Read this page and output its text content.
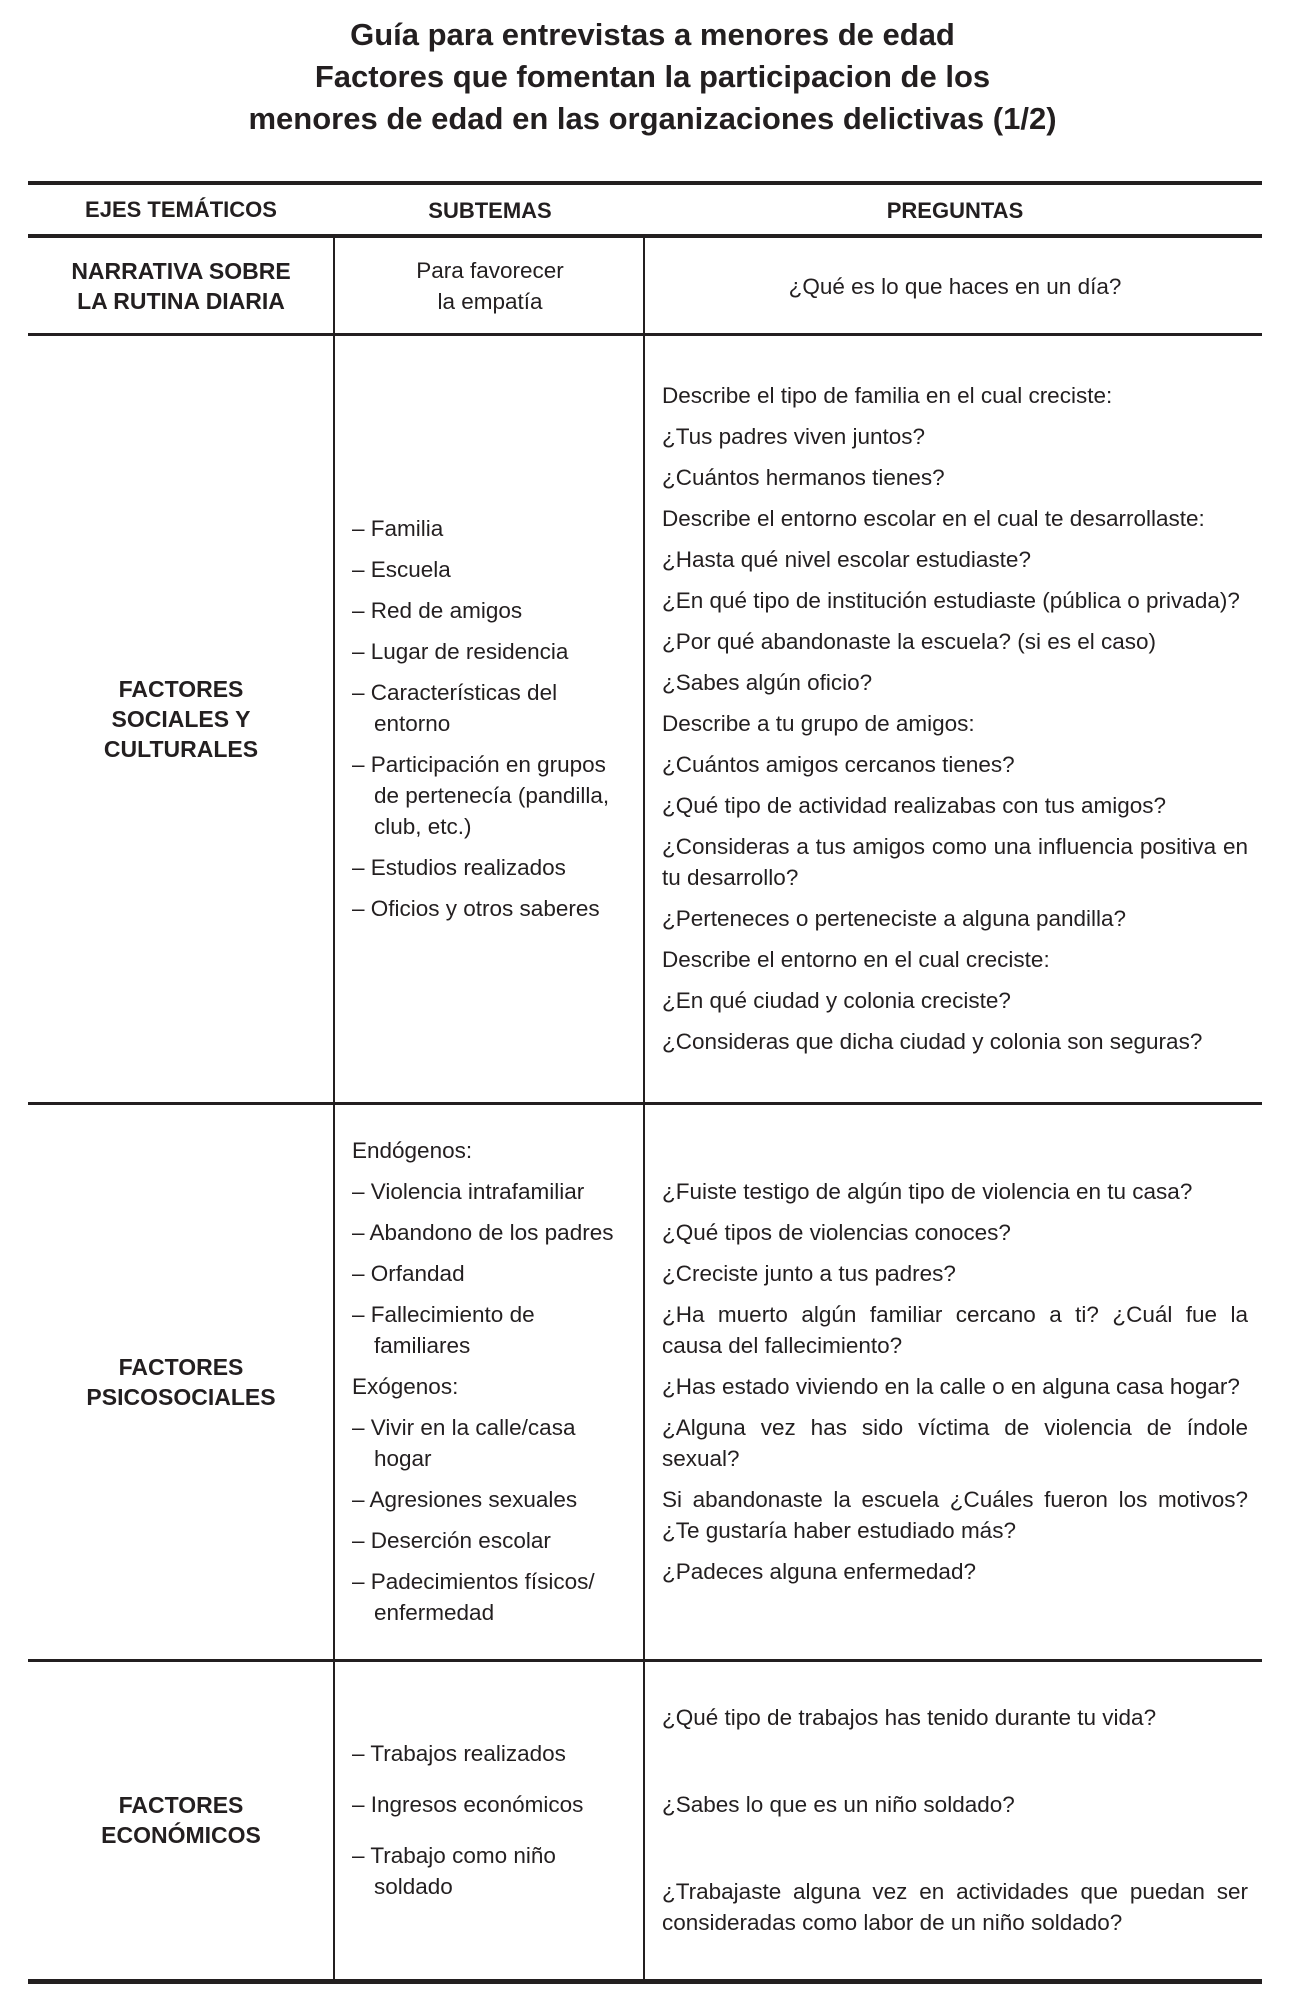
Guía para entrevistas a menores de edad
Factores que fomentan la participacion de los
menores de edad en las organizaciones delictivas (1/2)
EJES TEMÁTICOS	SUBTEMAS	PREGUNTAS
NARRATIVA SOBRE
LA RUTINA DIARIA
Para favorecer
la empatía
¿Qué es lo que haces en un día?
FACTORES
SOCIALES Y
CULTURALES
– Familia
– Escuela
– Red de amigos
– Lugar de residencia
– Características del entorno
– Participación en grupos de pertenecía (pandilla, club, etc.)
– Estudios realizados
– Oficios y otros saberes
Describe el tipo de familia en el cual creciste:
¿Tus padres viven juntos?
¿Cuántos hermanos tienes?
Describe el entorno escolar en el cual te desarrollaste:
¿Hasta qué nivel escolar estudiaste?
¿En qué tipo de institución estudiaste (pública o privada)?
¿Por qué abandonaste la escuela? (si es el caso)
¿Sabes algún oficio?
Describe a tu grupo de amigos:
¿Cuántos amigos cercanos tienes?
¿Qué tipo de actividad realizabas con tus amigos?
¿Consideras a tus amigos como una influencia positiva en tu desarrollo?
¿Perteneces o perteneciste a alguna pandilla?
Describe el entorno en el cual creciste:
¿En qué ciudad y colonia creciste?
¿Consideras que dicha ciudad y colonia son seguras?
FACTORES
PSICOSOCIALES
Endógenos:
– Violencia intrafamiliar
– Abandono de los padres
– Orfandad
– Fallecimiento de familiares
Exógenos:
– Vivir en la calle/casa hogar
– Agresiones sexuales
– Deserción escolar
– Padecimientos físicos/ enfermedad
¿Fuiste testigo de algún tipo de violencia en tu casa?
¿Qué tipos de violencias conoces?
¿Creciste junto a tus padres?
¿Ha muerto algún familiar cercano a ti? ¿Cuál fue la causa del fallecimiento?
¿Has estado viviendo en la calle o en alguna casa hogar?
¿Alguna vez has sido víctima de violencia de índole sexual?
Si abandonaste la escuela ¿Cuáles fueron los motivos? ¿Te gustaría haber estudiado más?
¿Padeces alguna enfermedad?
FACTORES
ECONÓMICOS
– Trabajos realizados
– Ingresos económicos
– Trabajo como niño soldado
¿Qué tipo de trabajos has tenido durante tu vida?
¿Sabes lo que es un niño soldado?
¿Trabajaste alguna vez en actividades que puedan ser consideradas como labor de un niño soldado?
